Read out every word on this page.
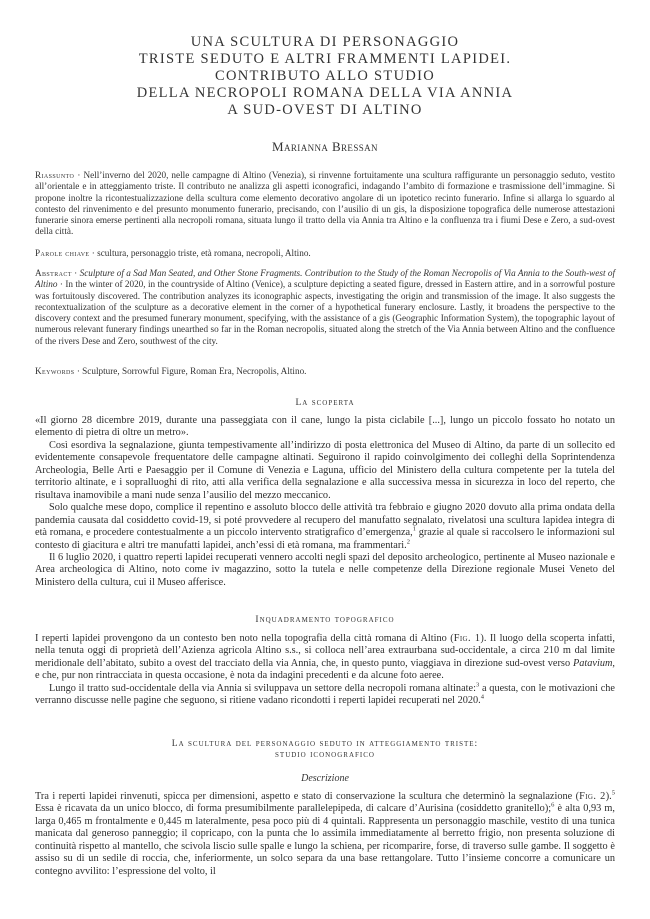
UNA SCULTURA DI PERSONAGGIO
TRISTE SEDUTO E ALTRI FRAMMENTI LAPIDEI.
CONTRIBUTO ALLO STUDIO
DELLA NECROPOLI ROMANA DELLA VIA ANNIA
A SUD-OVEST DI ALTINO
Marianna Bressan

Riassunto · Nell’inverno del 2020, nelle campagne di Altino (Venezia), si rinvenne fortuitamente una scultura raffigurante un personaggio seduto, vestito all’orientale e in atteggiamento triste. Il contributo ne analizza gli aspetti iconografici, indagando l’ambito di formazione e trasmissione dell’immagine. Si propone inoltre la ricontestualizzazione della scultura come elemento decorativo angolare di un ipotetico recinto funerario. Infine si allarga lo sguardo al contesto del rinvenimento e del presunto monumento funerario, precisando, con l’ausilio di un gis, la disposizione topografica delle numerose attestazioni funerarie sinora emerse pertinenti alla necropoli romana, situata lungo il tratto della via Annia tra Altino e la confluenza tra i fiumi Dese e Zero, a sud-ovest della città.

Parole chiave · scultura, personaggio triste, età romana, necropoli, Altino.

Abstract · Sculpture of a Sad Man Seated, and Other Stone Fragments. Contribution to the Study of the Roman Necropolis of Via Annia to the South-west of Altino · In the winter of 2020, in the countryside of Altino (Venice), a sculpture depicting a seated figure, dressed in Eastern attire, and in a sorrowful posture was fortuitously discovered. The contribution analyzes its iconographic aspects, investigating the origin and transmission of the image. It also suggests the recontextualization of the sculpture as a decorative element in the corner of a hypothetical funerary enclosure. Lastly, it broadens the perspective to the discovery context and the presumed funerary monument, specifying, with the assistance of a gis (Geographic Information System), the topographic layout of numerous relevant funerary findings unearthed so far in the Roman necropolis, situated along the stretch of the Via Annia between Altino and the confluence of the rivers Dese and Zero, southwest of the city.

Keywords · Sculpture, Sorrowful Figure, Roman Era, Necropolis, Altino.

La scoperta

«Il giorno 28 dicembre 2019, durante una passeggiata con il cane, lungo la pista ciclabile [...], lungo un piccolo fossato ho notato un elemento di pietra di oltre un metro».

Così esordiva la segnalazione, giunta tempestivamente all’indirizzo di posta elettronica del Museo di Altino, da parte di un sollecito ed evidentemente consapevole frequentatore delle campagne altinati. Seguirono il rapido coinvolgimento dei colleghi della Soprintendenza Archeologia, Belle Arti e Paesaggio per il Comune di Venezia e Laguna, ufficio del Ministero della cultura competente per la tutela del territorio altinate, e i sopralluoghi di rito, atti alla verifica della segnalazione e alla successiva messa in sicurezza in loco del reperto, che risultava inamovibile a mani nude senza l’ausilio del mezzo meccanico.

Solo qualche mese dopo, complice il repentino e assoluto blocco delle attività tra febbraio e giugno 2020 dovuto alla prima ondata della pandemia causata dal cosiddetto covid-19, si poté provvedere al recupero del manufatto segnalato, rivelatosi una scultura lapidea integra di età romana, e procedere contestualmente a un piccolo intervento stratigrafico d’emergenza,$^1$ grazie al quale si raccolsero le informazioni sul contesto di giacitura e altri tre manufatti lapidei, anch’essi di età romana, ma frammentari.$^2$

Il 6 luglio 2020, i quattro reperti lapidei recuperati vennero accolti negli spazi del deposito archeologico, pertinente al Museo nazionale e Area archeologica di Altino, noto come iv magazzino, sotto la tutela e nelle competenze della Direzione regionale Musei Veneto del Ministero della cultura, cui il Museo afferisce.

Inquadramento topografico

I reperti lapidei provengono da un contesto ben noto nella topografia della città romana di Altino (Fig. 1). Il luogo della scoperta infatti, nella tenuta oggi di proprietà dell’Azienza agricola Altino s.s., si colloca nell’area extraurbana sud-occidentale, a circa 210 m dal limite meridionale dell’abitato, subito a ovest del tracciato della via Annia, che, in questo punto, viaggiava in direzione sud-ovest verso Patavium, e che, pur non rintracciata in questa occasione, è nota da indagini precedenti e da alcune foto aeree.

Lungo il tratto sud-occidentale della via Annia si sviluppava un settore della necropoli romana altinate:$^3$ a questa, con le motivazioni che verranno discusse nelle pagine che seguono, si ritiene vadano ricondotti i reperti lapidei recuperati nel 2020.$^4$

La scultura del personaggio seduto in atteggiamento triste:
studio iconografico
Descrizione

Tra i reperti lapidei rinvenuti, spicca per dimensioni, aspetto e stato di conservazione la scultura che determinò la segnalazione (Fig. 2).$^5$ Essa è ricavata da un unico blocco, di forma presumibilmente parallelepipeda, di calcare d’Aurisina (cosiddetto granitello);$^6$ è alta 0,93 m, larga 0,465 m frontalmente e 0,445 m lateralmente, pesa poco più di 4 quintali. Rappresenta un personaggio maschile, vestito di una tunica manicata dal generoso panneggio; il copricapo, con la punta che lo assimila immediatamente al berretto frigio, non presenta soluzione di continuità rispetto al mantello, che scivola liscio sulle spalle e lungo la schiena, per ricomparire, forse, di traverso sulle gambe. Il soggetto è assiso su di un sedile di roccia, che, inferiormente, un solco separa da una base rettangolare. Tutto l’insieme concorre a comunicare un contegno avvilito: l’espressione del volto, il
